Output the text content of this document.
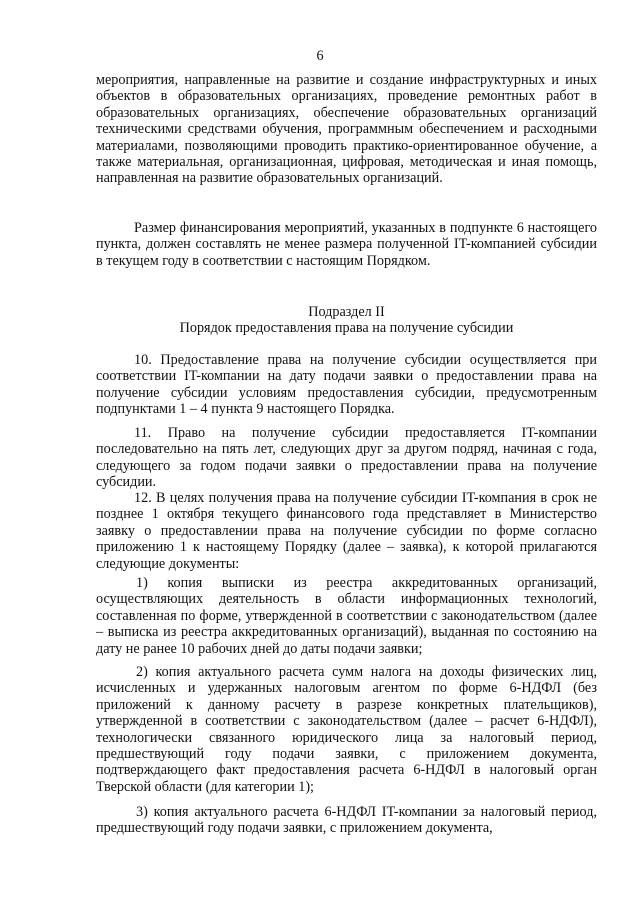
6

мероприятия, направленные на развитие и создание инфраструктурных и иных объектов в образовательных организациях, проведение ремонтных работ в образовательных организациях, обеспечение образовательных организаций техническими средствами обучения, программным обеспечением и расходными материалами, позволяющими проводить практико-ориентированное обучение, а также материальная, организационная, цифровая, методическая и иная помощь, направленная на развитие образовательных организаций.

Размер финансирования мероприятий, указанных в подпункте 6 настоящего пункта, должен составлять не менее размера полученной IT-компанией субсидии в текущем году в соответствии с настоящим Порядком.

Подраздел II

Порядок предоставления права на получение субсидии

10. Предоставление права на получение субсидии осуществляется при соответствии IT-компании на дату подачи заявки о предоставлении права на получение субсидии условиям предоставления субсидии, предусмотренным подпунктами 1 – 4 пункта 9 настоящего Порядка.

11. Право на получение субсидии предоставляется IT-компании последовательно на пять лет, следующих друг за другом подряд, начиная с года, следующего за годом подачи заявки о предоставлении права на получение субсидии.

12. В целях получения права на получение субсидии IT-компания в срок не позднее 1 октября текущего финансового года представляет в Министерство заявку о предоставлении права на получение субсидии по форме согласно приложению 1 к настоящему Порядку (далее – заявка), к которой прилагаются следующие документы:

1) копия выписки из реестра аккредитованных организаций, осуществляющих деятельность в области информационных технологий, составленная по форме, утвержденной в соответствии с законодательством (далее – выписка из реестра аккредитованных организаций), выданная по состоянию на дату не ранее 10 рабочих дней до даты подачи заявки;

2) копия актуального расчета сумм налога на доходы физических лиц, исчисленных и удержанных налоговым агентом по форме 6-НДФЛ (без приложений к данному расчету в разрезе конкретных плательщиков), утвержденной в соответствии с законодательством (далее – расчет 6-НДФЛ), технологически связанного юридического лица за налоговый период, предшествующий году подачи заявки, с приложением документа, подтверждающего факт предоставления расчета 6-НДФЛ в налоговый орган Тверской области (для категории 1);

3) копия актуального расчета 6-НДФЛ IT-компании за налоговый период, предшествующий году подачи заявки, с приложением документа,
